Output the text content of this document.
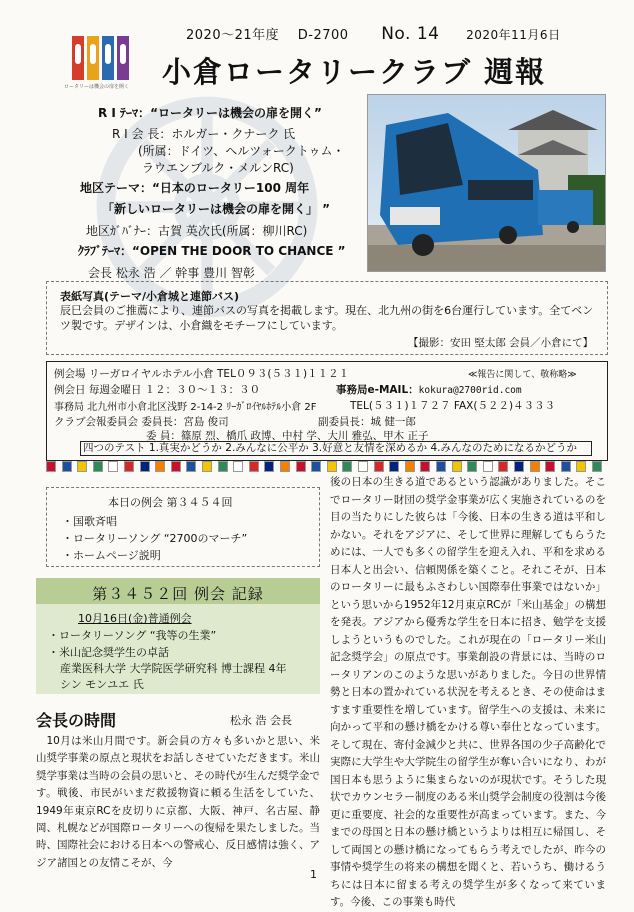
ロータリーは機会の扉を開く
2020～21年度 D-2700 No. 14 2020年11月6日
小倉ロータリークラブ 週報
R I ﾃｰﾏ：“ロータリーは機会の扉を開く”
R I 会 長：ホルガー・クナーク 氏
(所属：ドイツ、ヘルツォークトゥム・
ラウエンブルク・メルンRC)
地区テーマ：“日本のロータリー100 周年
「新しいロータリーは機会の扉を開く」 ”
地区ｶﾞﾊﾞﾅｰ：古賀 英次氏(所属：柳川RC)
ｸﾗﾌﾞﾃｰﾏ：“OPEN THE DOOR TO CHANCE ”
会長 松永 浩 ／ 幹事 豊川 智彰
表紙写真(テーマ/小倉城と連節バス)
辰巳会員のご推薦により、連節バスの写真を掲載します。現在、北九州の街を6台運行しています。全てベンツ製です。デザインは、小倉織をモチーフにしています。
【撮影：安田 堅太郎 会員／小倉にて】
例会場 リーガロイヤルホテル小倉 TEL０９３(５３１)１１２１	≪報告に関して、敬称略≫
例会日 毎週金曜日 １２：３０～１３：３０	事務局e-MAIL：kokura@2700rid.com
事務局 北九州市小倉北区浅野 2-14-2 ﾘｰｶﾞﾛｲﾔﾙﾎﾃﾙ小倉 2F	TEL(５３１)１７２７ FAX(５２２)４３３３
クラブ会報委員会 委員長：宮島 俊司	副委員長：城 健一郎
委 員：篠原 烈、橋爪 政博、中村 学、大川 雅弘、甲木 正子
四つのテスト 1.真実かどうか 2.みんなに公平か 3.好意と友情を深めるか 4.みんなのためになるかどうか
本日の例会 第３４５４回
・国歌斉唱
・ロータリーソング “2700のマーチ”
・ホームページ説明
第３４５２回 例会 記録
10月16日(金)普通例会
・ロータリーソング “我等の生業”
・米山記念奨学生の卓話
産業医科大学 大学院医学研究科 博士課程 4年
シン モンユエ 氏
会長の時間	松永 浩 会長
10月は米山月間です。新会員の方々も多いかと思い、米山奨学事業の原点と現状をお話しさせていただきます。米山奨学事業は当時の会員の思いと、その時代が生んだ奨学金です。戦後、市民がいまだ救援物資に頼る生活をしていた、1949年東京RCを皮切りに京都、大阪、神戸、名古屋、静岡、札幌などが国際ロータリーへの復帰を果たしました。当時、国際社会における日本への警戒心、反日感情は強く、アジア諸国との友情こそが、今
後の日本の生きる道であるという認識がありました。そこでロータリー財団の奨学金事業が広く実施されているのを目の当たりにした彼らは「今後、日本の生きる道は平和しかない。それをアジアに、そして世界に理解してもらうためには、一人でも多くの留学生を迎え入れ、平和を求める日本人と出会い、信頼関係を築くこと。それこそが、日本のロータリーに最もふさわしい国際奉仕事業ではないか」という思いから1952年12月東京RCが「米山基金」の構想を発表。アジアから優秀な学生を日本に招き、勉学を支援しようというものでした。これが現在の「ロータリー米山記念奨学会」の原点です。事業創設の背景には、当時のロータリアンのこのような思いがありました。今日の世界情勢と日本の置かれている状況を考えるとき、その使命はますます重要性を増しています。留学生への支援は、未来に向かって平和の懸け橋をかける尊い奉仕となっています。そして現在、寄付金減少と共に、世界各国の少子高齢化で実際に大学生や大学院生の留学生が奪い合いになり、わが国日本も思うように集まらないのが現状です。そうした現状でカウンセラー制度のある米山奨学会制度の役割は今後更に重要度、社会的な重要性が高まっています。また、今までの母国と日本の懸け橋というよりは相互に帰国し、そして両国との懸け橋になってもらう考えでしたが、昨今の事情や奨学生の将来の構想を聞くと、若いうち、働けるうちには日本に留まる考えの奨学生が多くなって来ています。今後、この事業も時代
1
